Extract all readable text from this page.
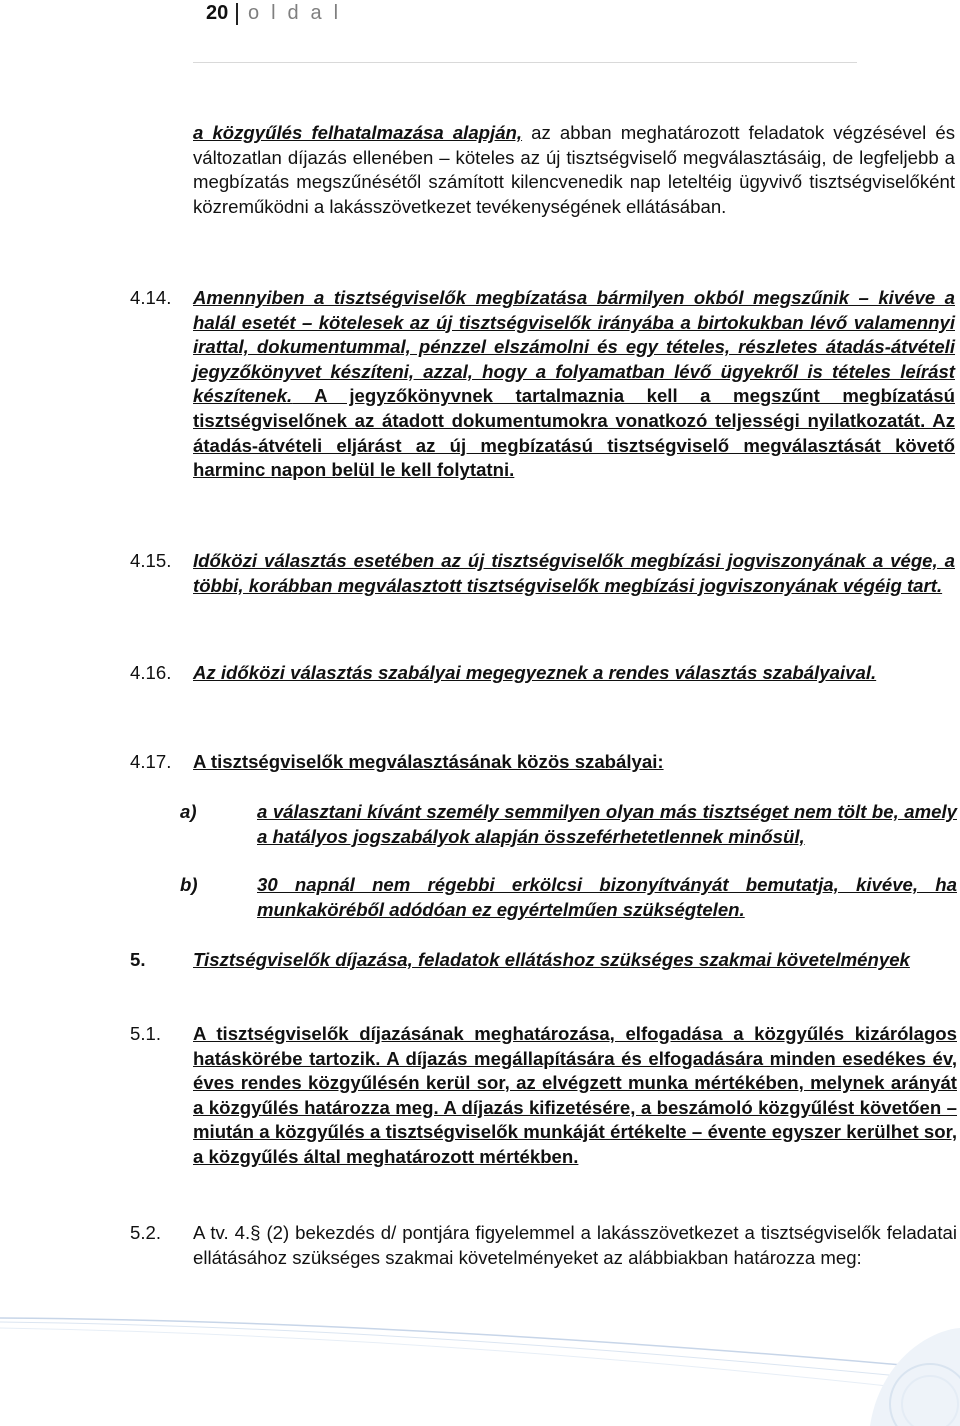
20 o l d a l

a közgyűlés felhatalmazása alapján, az abban meghatározott feladatok végzésével és változatlan díjazás ellenében – köteles az új tisztségviselő megválasztásáig, de legfeljebb a megbízatás megszűnésétől számított kilencvenedik nap leteltéig ügyvivő tisztségviselőként közreműködni a lakásszövetkezet tevékenységének ellátásában.

4.14. Amennyiben a tisztségviselők megbízatása bármilyen okból megszűnik – kivéve a halál esetét – kötelesek az új tisztségviselők irányába a birtokukban lévő valamennyi irattal, dokumentummal, pénzzel elszámolni és egy tételes, részletes átadás-átvételi jegyzőkönyvet készíteni, azzal, hogy a folyamatban lévő ügyekről is tételes leírást készítenek. A jegyzőkönyvnek tartalmaznia kell a megszűnt megbízatású tisztségviselőnek az átadott dokumentumokra vonatkozó teljességi nyilatkozatát. Az átadás-átvételi eljárást az új megbízatású tisztségviselő megválasztását követő harminc napon belül le kell folytatni.

4.15. Időközi választás esetében az új tisztségviselők megbízási jogviszonyának a vége, a többi, korábban megválasztott tisztségviselők megbízási jogviszonyának végéig tart.

4.16. Az időközi választás szabályai megegyeznek a rendes választás szabályaival.

4.17. A tisztségviselők megválasztásának közös szabályai:

a)	a választani kívánt személy semmilyen olyan más tisztséget nem tölt be, amely a hatályos jogszabályok alapján összeférhetetlennek minősül,

b)	30 napnál nem régebbi erkölcsi bizonyítványát bemutatja, kivéve, ha munkaköréből adódóan ez egyértelműen szükségtelen.

5.	Tisztségviselők díjazása, feladatok ellátáshoz szükséges szakmai követelmények

5.1. A tisztségviselők díjazásának meghatározása, elfogadása a közgyűlés kizárólagos hatáskörébe tartozik. A díjazás megállapítására és elfogadására minden esedékes év, éves rendes közgyűlésén kerül sor, az elvégzett munka mértékében, melynek arányát a közgyűlés határozza meg. A díjazás kifizetésére, a beszámoló közgyűlést követően – miután a közgyűlés a tisztségviselők munkáját értékelte – évente egyszer kerülhet sor, a közgyűlés által meghatározott mértékben.

5.2. A tv. 4.§ (2) bekezdés d/ pontjára figyelemmel a lakásszövetkezet a tisztségviselők feladatai ellátásához szükséges szakmai követelményeket az alábbiakban határozza meg:
